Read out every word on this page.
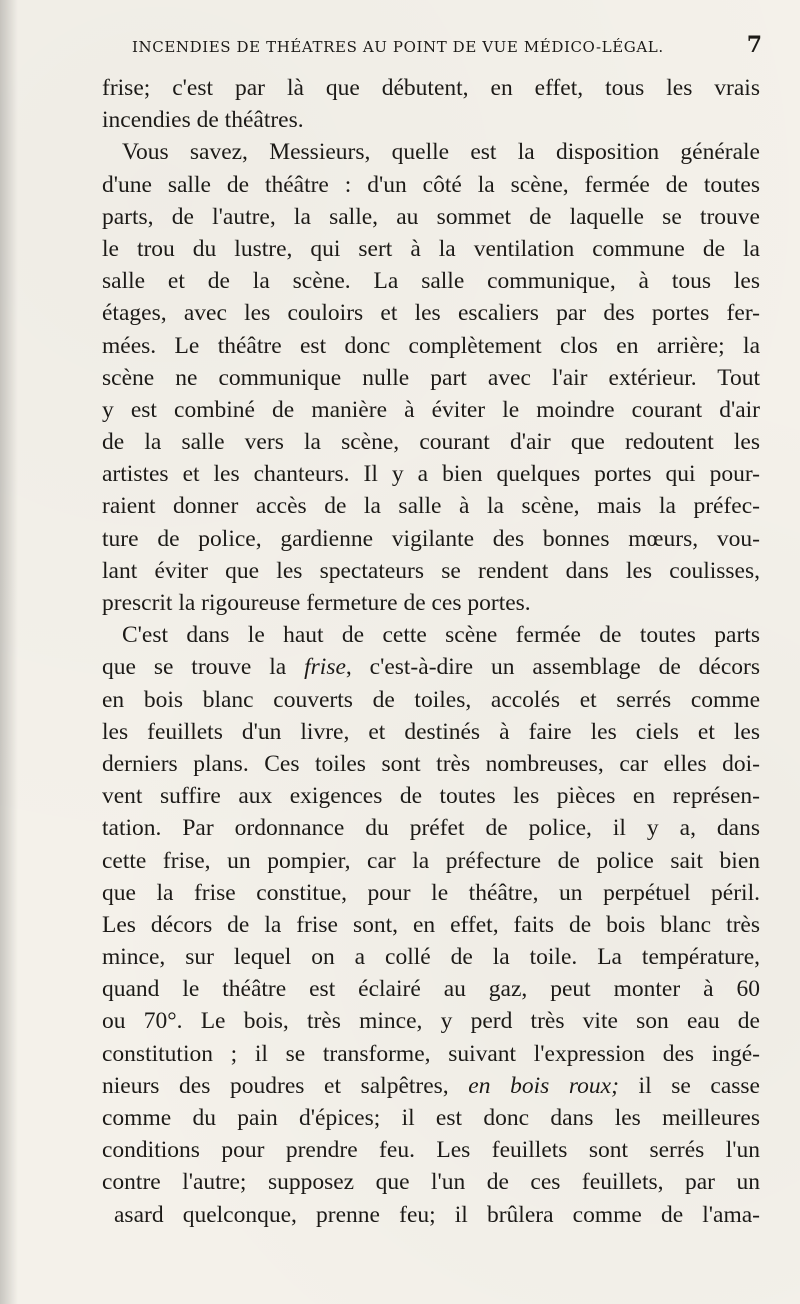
INCENDIES DE THÉATRES AU POINT DE VUE MÉDICO-LÉGAL.	7
frise; c'est par là que débutent, en effet, tous les vrais
incendies de théâtres.
Vous savez, Messieurs, quelle est la disposition générale
d'une salle de théâtre : d'un côté la scène, fermée de toutes
parts, de l'autre, la salle, au sommet de laquelle se trouve
le trou du lustre, qui sert à la ventilation commune de la
salle et de la scène. La salle communique, à tous les
étages, avec les couloirs et les escaliers par des portes fer-
mées. Le théâtre est donc complètement clos en arrière; la
scène ne communique nulle part avec l'air extérieur. Tout
y est combiné de manière à éviter le moindre courant d'air
de la salle vers la scène, courant d'air que redoutent les
artistes et les chanteurs. Il y a bien quelques portes qui pour-
raient donner accès de la salle à la scène, mais la préfec-
ture de police, gardienne vigilante des bonnes mœurs, vou-
lant éviter que les spectateurs se rendent dans les coulisses,
prescrit la rigoureuse fermeture de ces portes.
C'est dans le haut de cette scène fermée de toutes parts
que se trouve la frise, c'est-à-dire un assemblage de décors
en bois blanc couverts de toiles, accolés et serrés comme
les feuillets d'un livre, et destinés à faire les ciels et les
derniers plans. Ces toiles sont très nombreuses, car elles doi-
vent suffire aux exigences de toutes les pièces en représen-
tation. Par ordonnance du préfet de police, il y a, dans
cette frise, un pompier, car la préfecture de police sait bien
que la frise constitue, pour le théâtre, un perpétuel péril.
Les décors de la frise sont, en effet, faits de bois blanc très
mince, sur lequel on a collé de la toile. La température,
quand le théâtre est éclairé au gaz, peut monter à 60
ou 70°. Le bois, très mince, y perd très vite son eau de
constitution ; il se transforme, suivant l'expression des ingé-
nieurs des poudres et salpêtres, en bois roux; il se casse
comme du pain d'épices; il est donc dans les meilleures
conditions pour prendre feu. Les feuillets sont serrés l'un
contre l'autre; supposez que l'un de ces feuillets, par un
asard quelconque, prenne feu; il brûlera comme de l'ama-
